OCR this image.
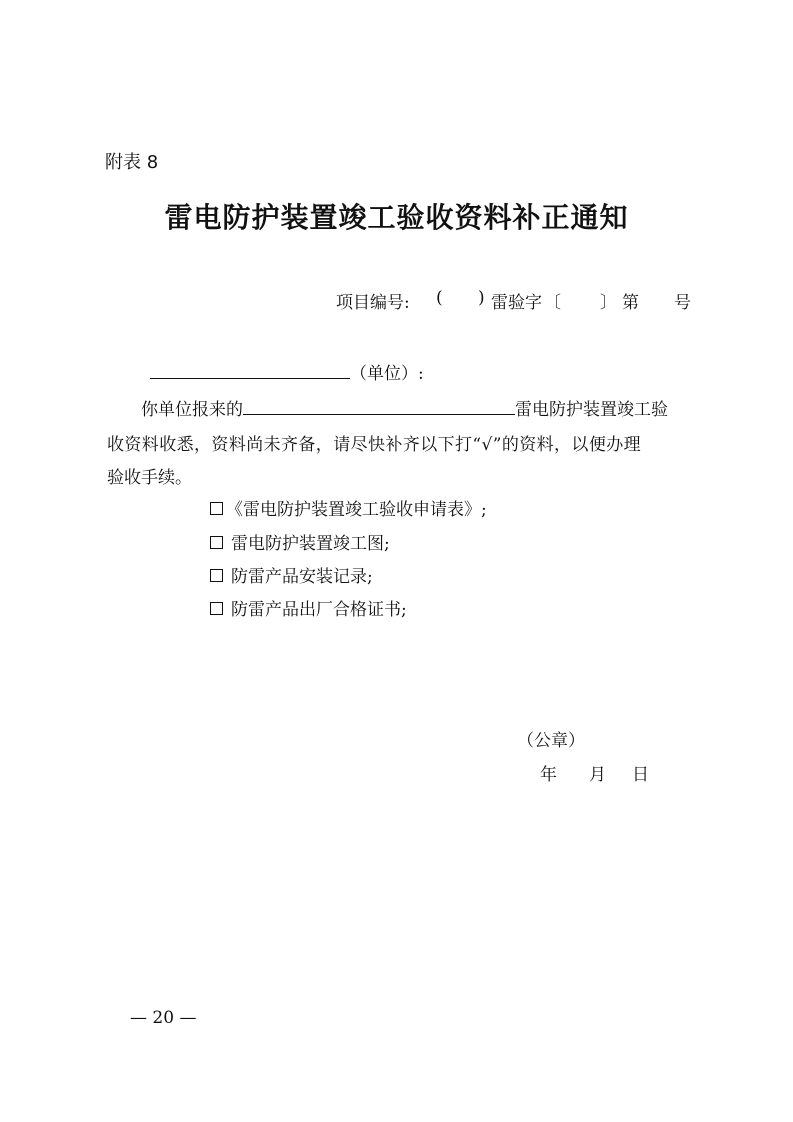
附表 8
雷电防护装置竣工验收资料补正通知
项目编号: ( ) 雷验字 〔 〕 第 号
（单位）:
你单位报来的	雷电防护装置竣工验
收资料收悉，资料尚未齐备，请尽快补齐以下打“√”的资料，以便办理
验收手续。
《雷电防护装置竣工验收申请表》;
雷电防护装置竣工图;
防雷产品安装记录;
防雷产品出厂合格证书;
（公章）
年 月 日
— 20 —
